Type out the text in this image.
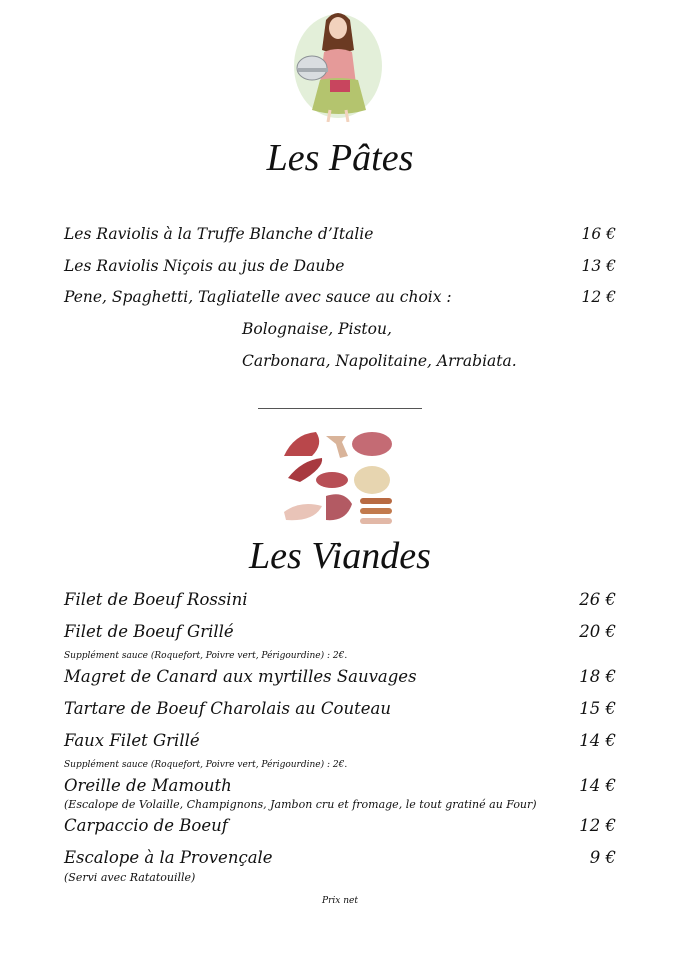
Les Pâtes
Les Raviolis à la Truffe Blanche d’Italie	16 €
Les Raviolis Niçois au jus de Daube	13 €
Pene, Spaghetti, Tagliatelle avec sauce au choix :	12 €
Bolognaise, Pistou,
Carbonara, Napolitaine, Arrabiata.
Les Viandes
Filet de Boeuf Rossini	26 €
Filet de Boeuf Grillé	20 €
Supplément sauce (Roquefort, Poivre vert, Périgourdine) : 2€.
Magret de Canard aux myrtilles Sauvages	18 €
Tartare de Boeuf Charolais au Couteau	15 €
Faux Filet Grillé	14 €
Supplément sauce (Roquefort, Poivre vert, Périgourdine) : 2€.
Oreille de Mamouth	14 €
(Escalope de Volaille, Champignons, Jambon cru et fromage, le tout gratiné au Four)
Carpaccio de Boeuf	12 €
Escalope à la Provençale	9 €
(Servi avec Ratatouille)
Prix net
